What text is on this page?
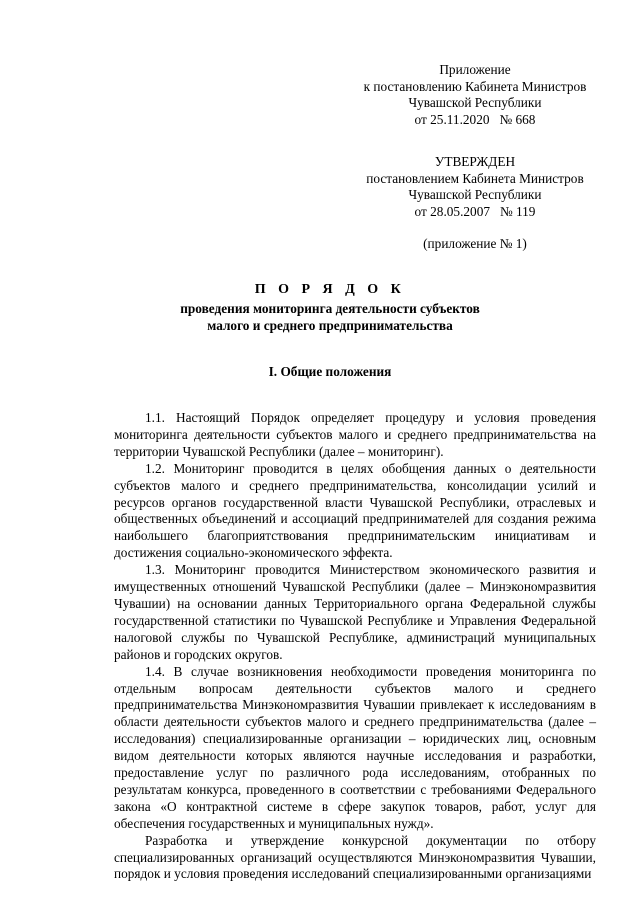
Приложение
к постановлению Кабинета Министров
Чувашской Республики
от 25.11.2020   № 668
УТВЕРЖДЕН
постановлением Кабинета Министров
Чувашской Республики
от 28.05.2007   № 119
(приложение № 1)
П О Р Я Д О К
проведения мониторинга деятельности субъектов
малого и среднего предпринимательства
I. Общие положения

1.1. Настоящий Порядок определяет процедуру и условия проведения мониторинга деятельности субъектов малого и среднего предпринимательства на территории Чувашской Республики (далее – мониторинг).

1.2. Мониторинг проводится в целях обобщения данных о деятельности субъектов малого и среднего предпринимательства, консолидации усилий и ресурсов органов государственной власти Чувашской Республики, отраслевых и общественных объединений и ассоциаций предпринимателей для создания режима наибольшего благоприятствования предпринимательским инициативам и достижения социально-экономического эффекта.

1.3. Мониторинг проводится Министерством экономического развития и имущественных отношений Чувашской Республики (далее – Минэкономразвития Чувашии) на основании данных Территориального органа Федеральной службы государственной статистики по Чувашской Республике и Управления Федеральной налоговой службы по Чувашской Республике, администраций муниципальных районов и городских округов.

1.4. В случае возникновения необходимости проведения мониторинга по отдельным вопросам деятельности субъектов малого и среднего предпринимательства Минэкономразвития Чувашии привлекает к исследованиям в области деятельности субъектов малого и среднего предпринимательства (далее – исследования) специализированные организации – юридических лиц, основным видом деятельности которых являются научные исследования и разработки, предоставление услуг по различного рода исследованиям, отобранных по результатам конкурса, проведенного в соответствии с требованиями Федерального закона «О контрактной системе в сфере закупок товаров, работ, услуг для обеспечения государственных и муниципальных нужд».

Разработка и утверждение конкурсной документации по отбору специализированных организаций осуществляются Минэкономразвития Чувашии, порядок и условия проведения исследований специализированными организациями
